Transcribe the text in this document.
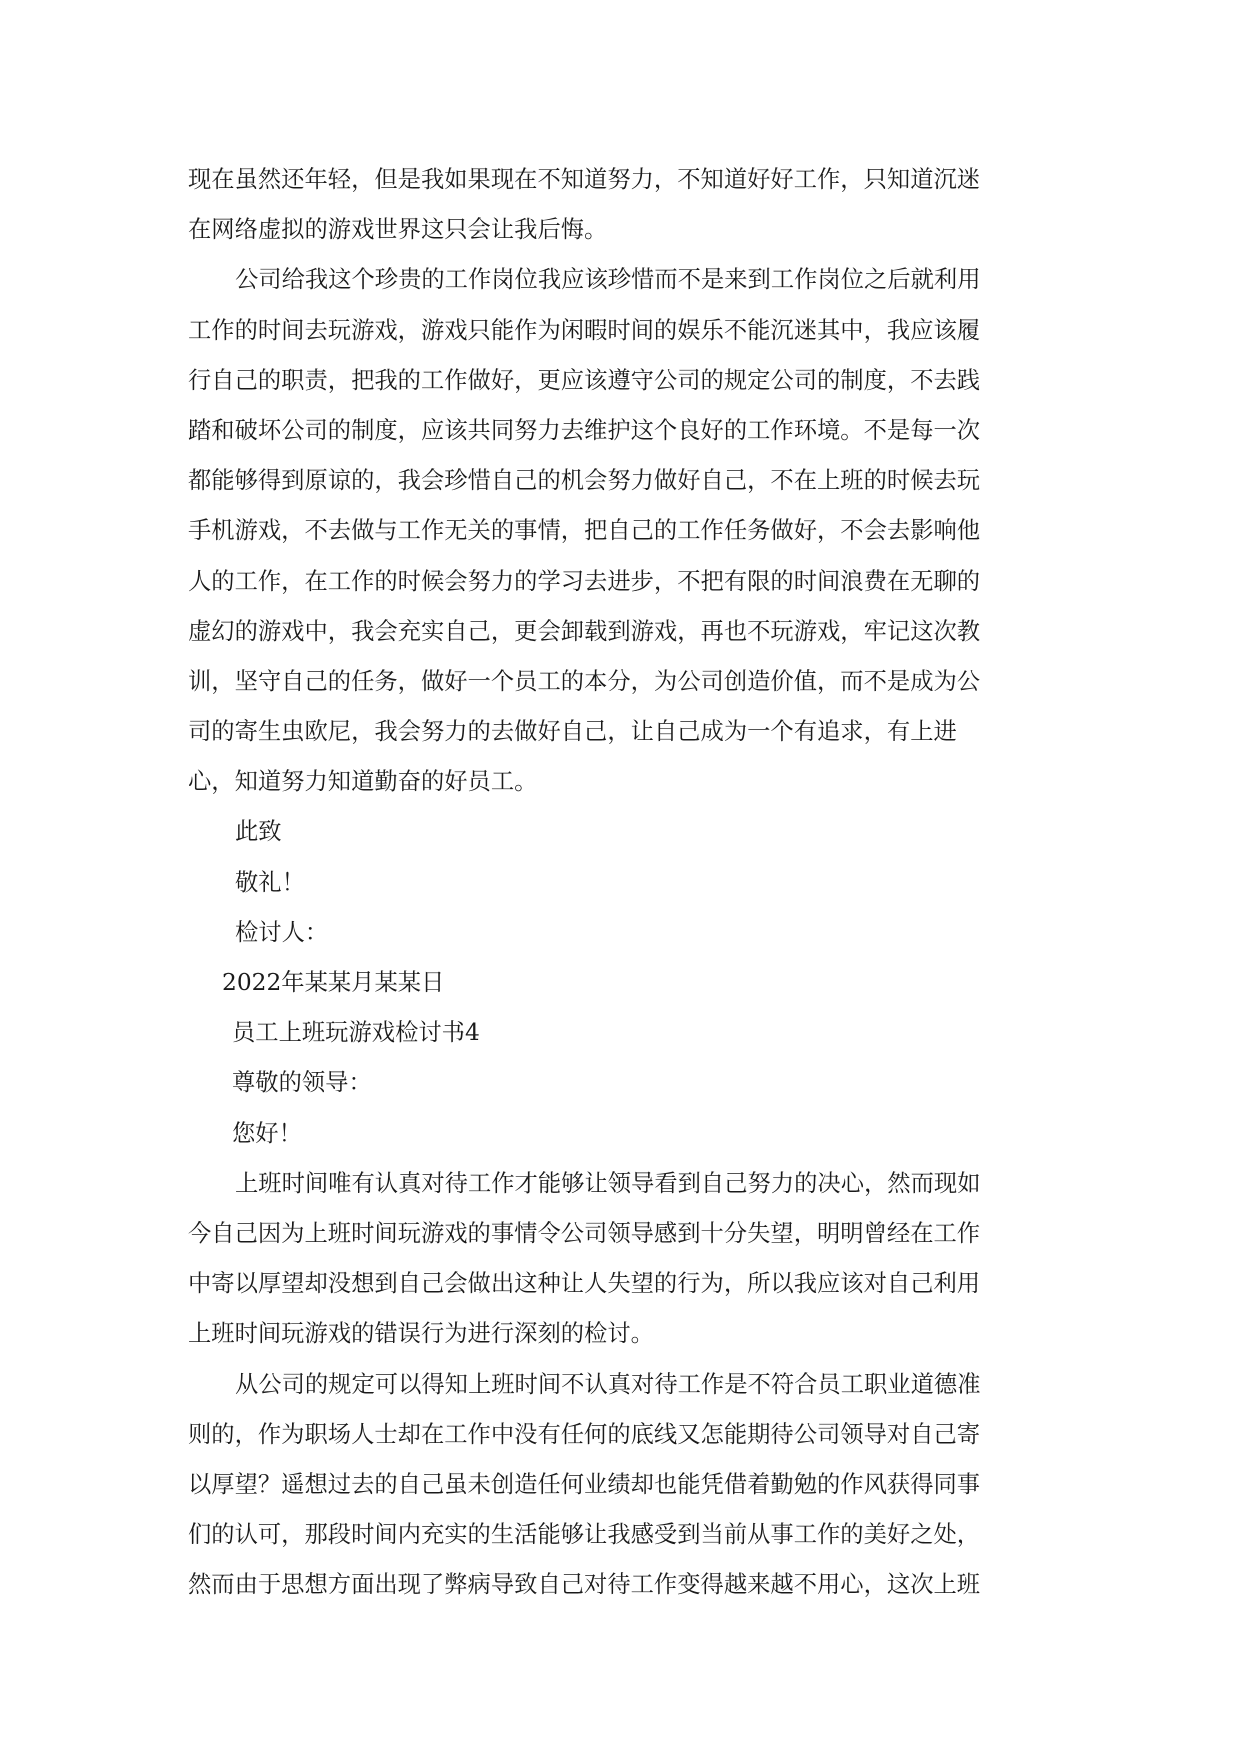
现在虽然还年轻，但是我如果现在不知道努力，不知道好好工作，只知道沉迷
在网络虚拟的游戏世界这只会让我后悔。
公司给我这个珍贵的工作岗位我应该珍惜而不是来到工作岗位之后就利用
工作的时间去玩游戏，游戏只能作为闲暇时间的娱乐不能沉迷其中，我应该履
行自己的职责，把我的工作做好，更应该遵守公司的规定公司的制度，不去践
踏和破坏公司的制度，应该共同努力去维护这个良好的工作环境。不是每一次
都能够得到原谅的，我会珍惜自己的机会努力做好自己，不在上班的时候去玩
手机游戏，不去做与工作无关的事情，把自己的工作任务做好，不会去影响他
人的工作，在工作的时候会努力的学习去进步，不把有限的时间浪费在无聊的
虚幻的游戏中，我会充实自己，更会卸载到游戏，再也不玩游戏，牢记这次教
训，坚守自己的任务，做好一个员工的本分，为公司创造价值，而不是成为公
司的寄生虫欧尼，我会努力的去做好自己，让自己成为一个有追求，有上进
心，知道努力知道勤奋的好员工。
此致
敬礼！
检讨人：
2022年某某月某某日
员工上班玩游戏检讨书4
尊敬的领导：
您好！
上班时间唯有认真对待工作才能够让领导看到自己努力的决心，然而现如
今自己因为上班时间玩游戏的事情令公司领导感到十分失望，明明曾经在工作
中寄以厚望却没想到自己会做出这种让人失望的行为，所以我应该对自己利用
上班时间玩游戏的错误行为进行深刻的检讨。
从公司的规定可以得知上班时间不认真对待工作是不符合员工职业道德准
则的，作为职场人士却在工作中没有任何的底线又怎能期待公司领导对自己寄
以厚望？遥想过去的自己虽未创造任何业绩却也能凭借着勤勉的作风获得同事
们的认可，那段时间内充实的生活能够让我感受到当前从事工作的美好之处，
然而由于思想方面出现了弊病导致自己对待工作变得越来越不用心，这次上班
